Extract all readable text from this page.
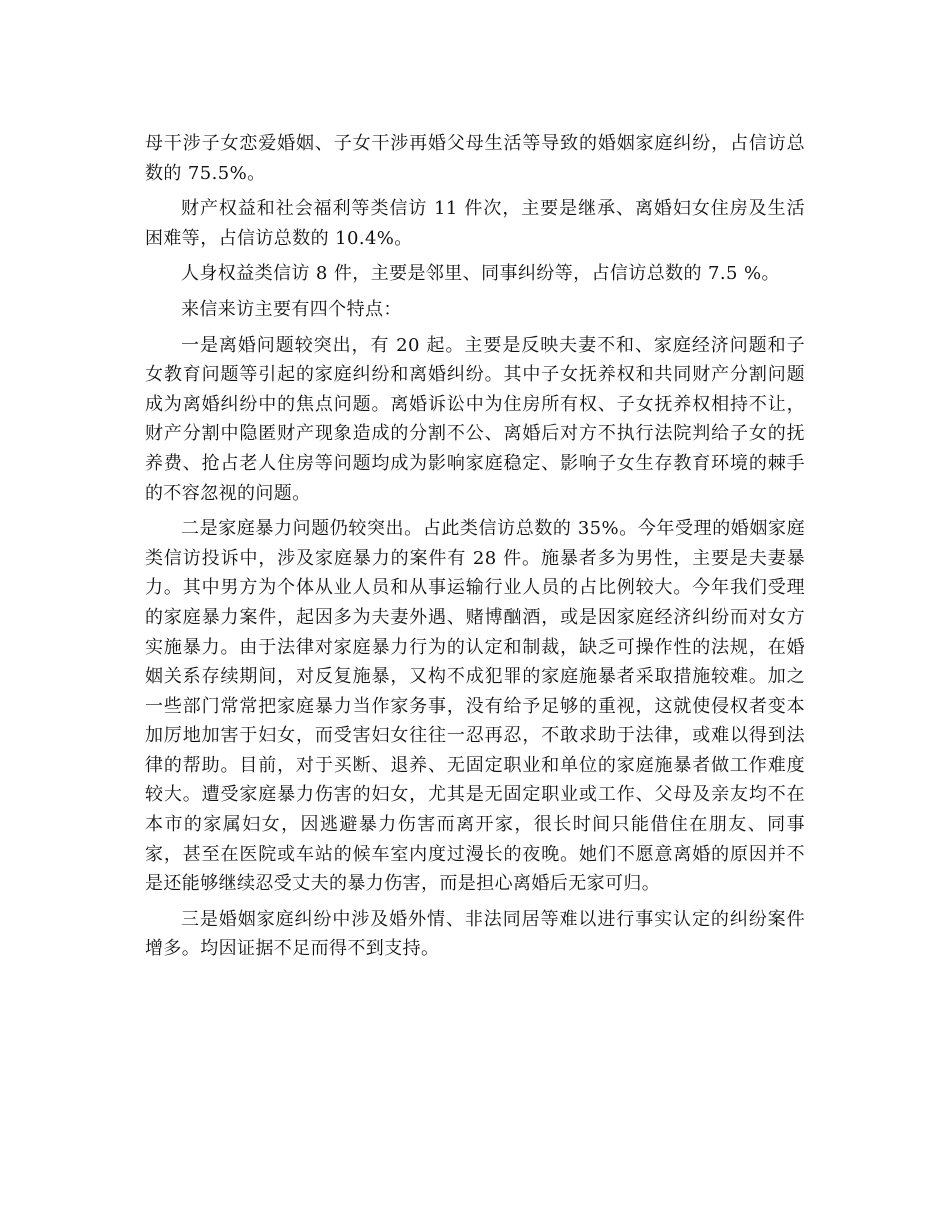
母干涉子女恋爱婚姻、子女干涉再婚父母生活等导致的婚姻家庭纠纷，占信访总数的 75.5%。

财产权益和社会福利等类信访 11 件次，主要是继承、离婚妇女住房及生活困难等，占信访总数的 10.4%。

人身权益类信访 8 件，主要是邻里、同事纠纷等，占信访总数的 7.5 %。

来信来访主要有四个特点：

一是离婚问题较突出，有 20 起。主要是反映夫妻不和、家庭经济问题和子女教育问题等引起的家庭纠纷和离婚纠纷。其中子女抚养权和共同财产分割问题成为离婚纠纷中的焦点问题。离婚诉讼中为住房所有权、子女抚养权相持不让，财产分割中隐匿财产现象造成的分割不公、离婚后对方不执行法院判给子女的抚养费、抢占老人住房等问题均成为影响家庭稳定、影响子女生存教育环境的棘手的不容忽视的问题。

二是家庭暴力问题仍较突出。占此类信访总数的 35%。今年受理的婚姻家庭类信访投诉中，涉及家庭暴力的案件有 28 件。施暴者多为男性，主要是夫妻暴力。其中男方为个体从业人员和从事运输行业人员的占比例较大。今年我们受理的家庭暴力案件，起因多为夫妻外遇、赌博酗酒，或是因家庭经济纠纷而对女方实施暴力。由于法律对家庭暴力行为的认定和制裁，缺乏可操作性的法规，在婚姻关系存续期间，对反复施暴，又构不成犯罪的家庭施暴者采取措施较难。加之一些部门常常把家庭暴力当作家务事，没有给予足够的重视，这就使侵权者变本加厉地加害于妇女，而受害妇女往往一忍再忍，不敢求助于法律，或难以得到法律的帮助。目前，对于买断、退养、无固定职业和单位的家庭施暴者做工作难度较大。遭受家庭暴力伤害的妇女，尤其是无固定职业或工作、父母及亲友均不在本市的家属妇女，因逃避暴力伤害而离开家，很长时间只能借住在朋友、同事家，甚至在医院或车站的候车室内度过漫长的夜晚。她们不愿意离婚的原因并不是还能够继续忍受丈夫的暴力伤害，而是担心离婚后无家可归。

三是婚姻家庭纠纷中涉及婚外情、非法同居等难以进行事实认定的纠纷案件增多。均因证据不足而得不到支持。
